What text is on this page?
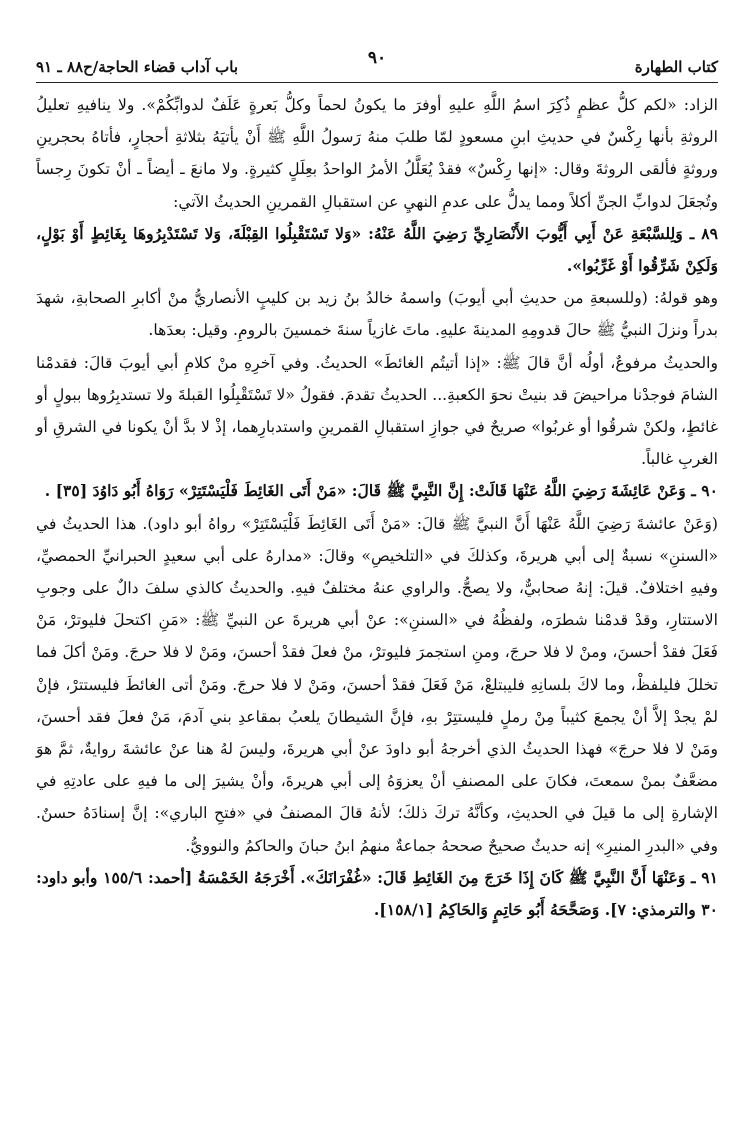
كتاب الطهارة
٩٠
باب آداب قضاء الحاجة/ح٨٨ ـ ٩١

الزاد: «لكم كلُّ عظمٍ ذُكِرَ اسمُ اللَّهِ عليهِ أوفرَ ما يكونُ لحماً وكلُّ بَعرةٍ عَلَفٌ لدوابِّكُمْ». ولا ينافيهِ تعليلُ الروثةِ بأنها رِكْسٌ في حديثِ ابنِ مسعودٍ لمّا طلبَ منهُ رَسولُ اللَّهِ ﷺ أَنْ يأتيَهُ بثلاثةِ أحجارٍ، فأتاهُ بحجرينِ وروثةٍ فألقى الروثةَ وقال: «إنها رِكْسٌ» فقدْ يُعَلَّلُ الأمرُ الواحدُ بعِلَلٍ كثيرةٍ. ولا مانعَ ـ أيضاً ـ أنْ تكونَ رِجساً وتُجعَلَ لدوابِّ الجنِّ أكلاً ومما يدلُّ على عدمِ النهيِ عن استقبالِ القمرينِ الحديثُ الآتي:

٨٩ ـ وَلِلسَّبْعَةِ عَنْ أَبِي أَيُّوبَ الأَنْصَارِيِّ رَضِيَ اللَّهُ عَنْهُ: «وَلا تَسْتَقْبِلُوا القِبْلَةَ، وَلا تَسْتَدْبِرُوهَا بِغَائِطٍ أَوْ بَوْلٍ، وَلَكِنْ شَرِّقُوا أَوْ غَرِّبُوا».

وهو قولهُ: (وللسبعةِ من حديثِ أبي أيوبَ) واسمهُ خالدُ بنُ زيد بن كليبٍ الأنصاريُّ منْ أكابرِ الصحابةِ، شهدَ بدراً ونزلَ النبيُّ ﷺ حالَ قدومِهِ المدينةَ عليهِ. ماتَ غازياً سنةَ خمسينَ بالرومِ. وقيل: بعدَها.

والحديثُ مرفوعٌ، أولُه أنَّ قالَ ﷺ: «إذا أتيتُم الغائطَ» الحديثُ. وفي آخرِهِ منْ كلامِ أبي أيوبَ قالَ: فقدمْنا الشامَ فوجدْنا مراحيضَ قد بنيتْ نحوَ الكعبةِ... الحديثُ تقدمَ. فقولُ «لا تَسْتَقْبِلُوا القبلةَ ولا تستدبِرُوها ببولٍ أو غائطٍ، ولكنْ شرقُوا أو غربُوا» صريحٌ في جوازِ استقبالِ القمرينِ واستدبارِهما، إذْ لا بدَّ أنْ يكونا في الشرقِ أو الغربِ غالباً.

٩٠ ـ وَعَنْ عَائِشَةَ رَضِيَ اللَّهُ عَنْهَا قَالَتْ: إِنَّ النَّبِيَّ ﷺ قَالَ: «مَنْ أَتَى الغَائِطَ فَلْيَسْتَتِرْ» رَوَاهُ أَبُو دَاوُدَ [٣٥] .

(وَعَنْ عائشةَ رَضِيَ اللَّهُ عَنْهَا أَنَّ النبيَّ ﷺ قالَ: «مَنْ أَتَى الغَائِطَ فَلْيَسْتَتِرْ» رواهُ أبو داود). هذا الحديثُ في «السننِ» نسبةٌ إلى أبي هريرةَ، وكذلكَ في «التلخيصِ» وقالَ: «مدارهُ على أبي سعيدٍ الحبرانيِّ الحمصيِّ، وفيهِ اختلافٌ. قيلَ: إنهُ صحابيٌّ، ولا يصحُّ. والراوي عنهُ مختلفٌ فيهِ. والحديثُ كالذي سلفَ دالٌ على وجوبِ الاستتارِ، وقدْ قدمْنا شطرَه، ولفظُهُ في «السننِ»: عنْ أبي هريرةَ عن النبيِّ ﷺ: «مَنِ اكتحلَ فليوترْ، مَنْ فَعَلَ فقدْ أحسنَ، ومنْ لا فلا حرجَ، ومنِ استجمرَ فليوترْ، منْ فعلَ فقدْ أحسنَ، ومَنْ لا فلا حرجَ. ومَنْ أكلَ فما تخللَ فليلفظْ، وما لاكَ بلسانِهِ فليبتلعْ، مَنْ فَعَلَ فقدْ أحسنَ، ومَنْ لا فلا حرجَ. ومَنْ أتى الغائطَ فليستترْ، فإنْ لمْ يجدْ إلاَّ أنْ يجمعَ كثيباً مِنْ رملٍ فليستتِرْ بهِ، فإنَّ الشيطانَ يلعبُ بمقاعدِ بني آدمَ، مَنْ فعلَ فقد أحسنَ، ومَنْ لا فلا حرجَ» فهذا الحديثُ الذي أخرجهُ أبو داودَ عنْ أبي هريرةَ، وليسَ لهُ هنا عنْ عائشةَ روايةٌ، ثمَّ هوَ مضعَّفٌ بمنْ سمعتَ، فكانَ على المصنفِ أنْ يعزوَهُ إلى أبي هريرةَ، وأنْ يشيرَ إلى ما فيهِ على عادتِهِ في الإشارةِ إلى ما قيلَ في الحديثِ، وكأنَّهُ تركَ ذلكَ؛ لأنهُ قالَ المصنفُ في «فتحِ الباري»: إنَّ إسنادَهُ حسنٌ. وفي «البدرِ المنيرِ» إنه حديثٌ صحيحٌ صححهُ جماعةٌ منهمُ ابنُ حبانَ والحاكمُ والنوويُّ.

٩١ ـ وَعَنْهَا أَنَّ النَّبِيَّ ﷺ كَانَ إِذَا خَرَجَ مِنَ الغَائِطِ قَالَ: «غُفْرَانَكَ». أَخْرَجَهُ الخَمْسَةُ [أحمد: ١٥٥/٦ وأبو داود: ٣٠ والترمذي: ٧]. وَصَحَّحَهُ أَبُو حَاتِمٍ وَالحَاكِمُ [١٥٨/١].
